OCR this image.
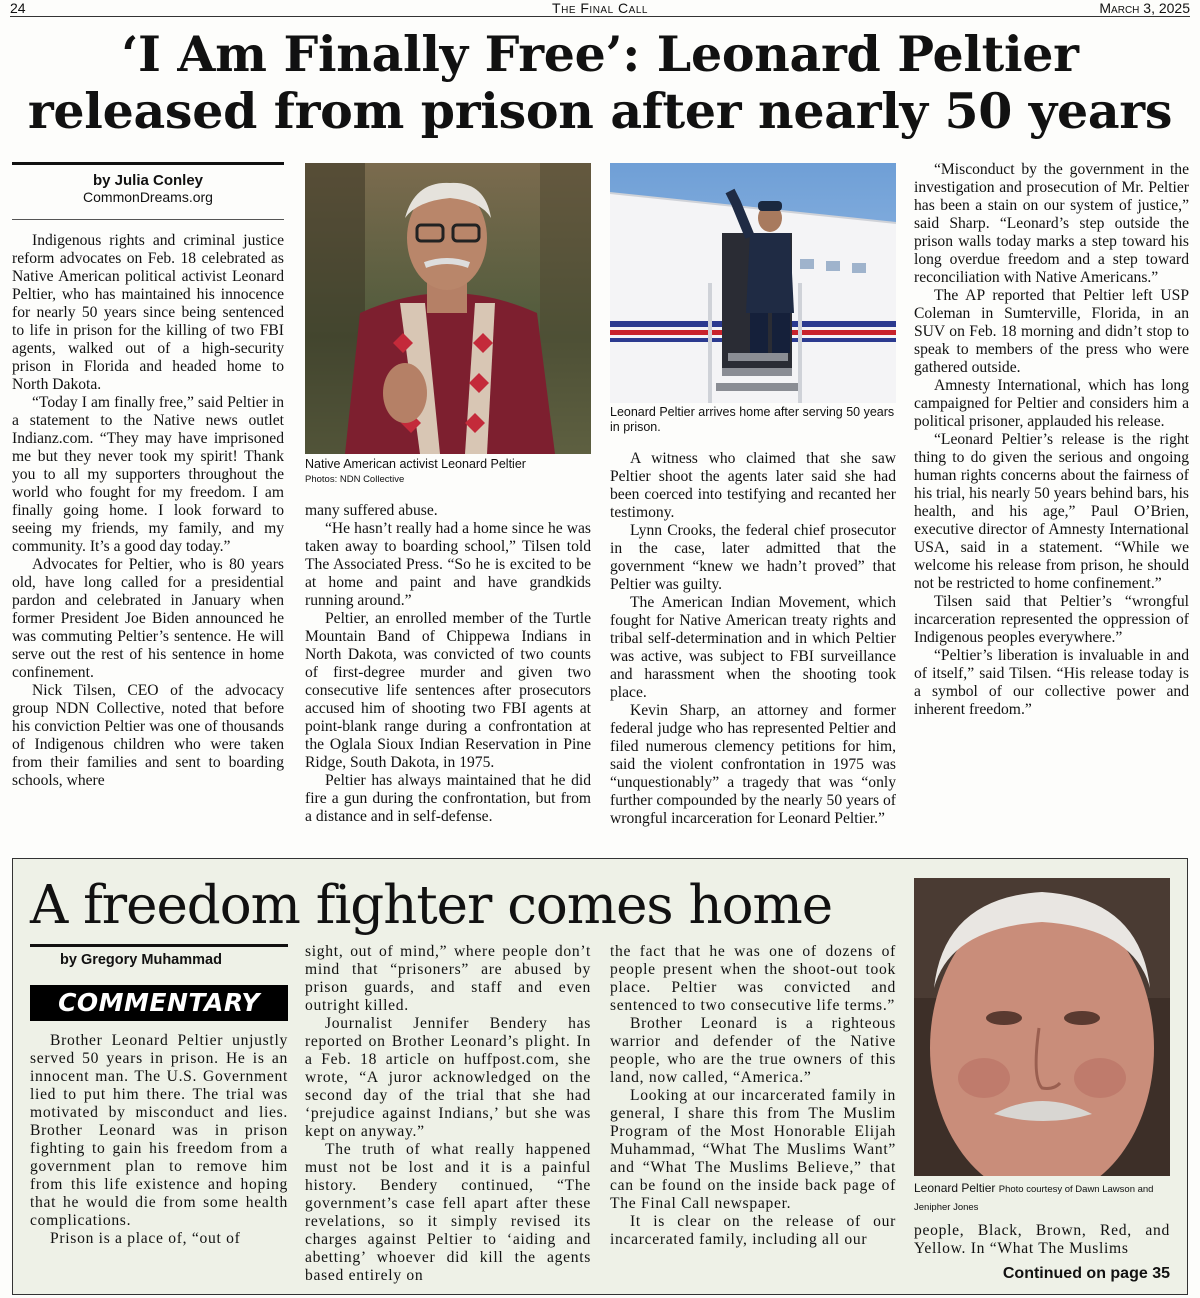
24	The Final Call	March 3, 2025
‘I Am Finally Free’: Leonard Peltier
released from prison after nearly 50 years
by Julia Conley
CommonDreams.org

Indigenous rights and criminal justice reform advocates on Feb. 18 celebrated as Native American political activist Leonard Peltier, who has maintained his innocence for nearly 50 years since being sentenced to life in prison for the killing of two FBI agents, walked out of a high-security prison in Florida and headed home to North Dakota.

“Today I am finally free,” said Peltier in a statement to the Native news outlet Indianz.com. “They may have imprisoned me but they never took my spirit! Thank you to all my supporters throughout the world who fought for my freedom. I am finally going home. I look forward to seeing my friends, my family, and my community. It’s a good day today.”

Advocates for Peltier, who is 80 years old, have long called for a presidential pardon and celebrated in January when former President Joe Biden announced he was commuting Peltier’s sentence. He will serve out the rest of his sentence in home confinement.

Nick Tilsen, CEO of the advocacy group NDN Collective, noted that before his conviction Peltier was one of thousands of Indigenous children who were taken from their families and sent to boarding schools, where

Native American activist Leonard Peltier
Photos: NDN Collective

many suffered abuse.

“He hasn’t really had a home since he was taken away to boarding school,” Tilsen told The Associated Press. “So he is excited to be at home and paint and have grandkids running around.”

Peltier, an enrolled member of the Turtle Mountain Band of Chippewa Indians in North Dakota, was convicted of two counts of first-degree murder and given two consecutive life sentences after prosecutors accused him of shooting two FBI agents at point-blank range during a confrontation at the Oglala Sioux Indian Reservation in Pine Ridge, South Dakota, in 1975.

Peltier has always maintained that he did fire a gun during the confrontation, but from a distance and in self-defense.

Leonard Peltier arrives home after serving 50 years in prison.

A witness who claimed that she saw Peltier shoot the agents later said she had been coerced into testifying and recanted her testimony.

Lynn Crooks, the federal chief prosecutor in the case, later admitted that the government “knew we hadn’t proved” that Peltier was guilty.

The American Indian Movement, which fought for Native American treaty rights and tribal self-determination and in which Peltier was active, was subject to FBI surveillance and harassment when the shooting took place.

Kevin Sharp, an attorney and former federal judge who has represented Peltier and filed numerous clemency petitions for him, said the violent confrontation in 1975 was “unquestionably” a tragedy that was “only further compounded by the nearly 50 years of wrongful incarceration for Leonard Peltier.”

“Misconduct by the government in the investigation and prosecution of Mr. Peltier has been a stain on our system of justice,” said Sharp. “Leonard’s step outside the prison walls today marks a step toward his long overdue freedom and a step toward reconciliation with Native Americans.”

The AP reported that Peltier left USP Coleman in Sumterville, Florida, in an SUV on Feb. 18 morning and didn’t stop to speak to members of the press who were gathered outside.

Amnesty International, which has long campaigned for Peltier and considers him a political prisoner, applauded his release.

“Leonard Peltier’s release is the right thing to do given the serious and ongoing human rights concerns about the fairness of his trial, his nearly 50 years behind bars, his health, and his age,” Paul O’Brien, executive director of Amnesty International USA, said in a statement. “While we welcome his release from prison, he should not be restricted to home confinement.”

Tilsen said that Peltier’s “wrongful incarceration represented the oppression of Indigenous peoples everywhere.”

“Peltier’s liberation is invaluable in and of itself,” said Tilsen. “His release today is a symbol of our collective power and inherent freedom.”

A freedom fighter comes home
by Gregory Muhammad
COMMENTARY

Brother Leonard Peltier unjustly served 50 years in prison. He is an innocent man. The U.S. Government lied to put him there. The trial was motivated by misconduct and lies. Brother Leonard was in prison fighting to gain his freedom from a government plan to remove him from this life existence and hoping that he would die from some health complications.

Prison is a place of, “out of

sight, out of mind,” where people don’t mind that “prisoners” are abused by prison guards, and staff and even outright killed.

Journalist Jennifer Bendery has reported on Brother Leonard’s plight. In a Feb. 18 article on huffpost.com, she wrote, “A juror acknowledged on the second day of the trial that she had ‘prejudice against Indians,’ but she was kept on anyway.”

The truth of what really happened must not be lost and it is a painful history. Bendery continued, “The government’s case fell apart after these revelations, so it simply revised its charges against Peltier to ‘aiding and abetting’ whoever did kill the agents based entirely on

the fact that he was one of dozens of people present when the shoot-out took place. Peltier was convicted and sentenced to two consecutive life terms.”

Brother Leonard is a righteous warrior and defender of the Native people, who are the true owners of this land, now called, “America.”

Looking at our incarcerated family in general, I share this from The Muslim Program of the Most Honorable Elijah Muhammad, “What The Muslims Want” and “What The Muslims Believe,” that can be found on the inside back page of The Final Call newspaper.

It is clear on the release of our incarcerated family, including all our

Leonard Peltier Photo courtesy of Dawn Lawson and Jenipher Jones

people, Black, Brown, Red, and Yellow. In “What The Muslims

Continued on page 35
